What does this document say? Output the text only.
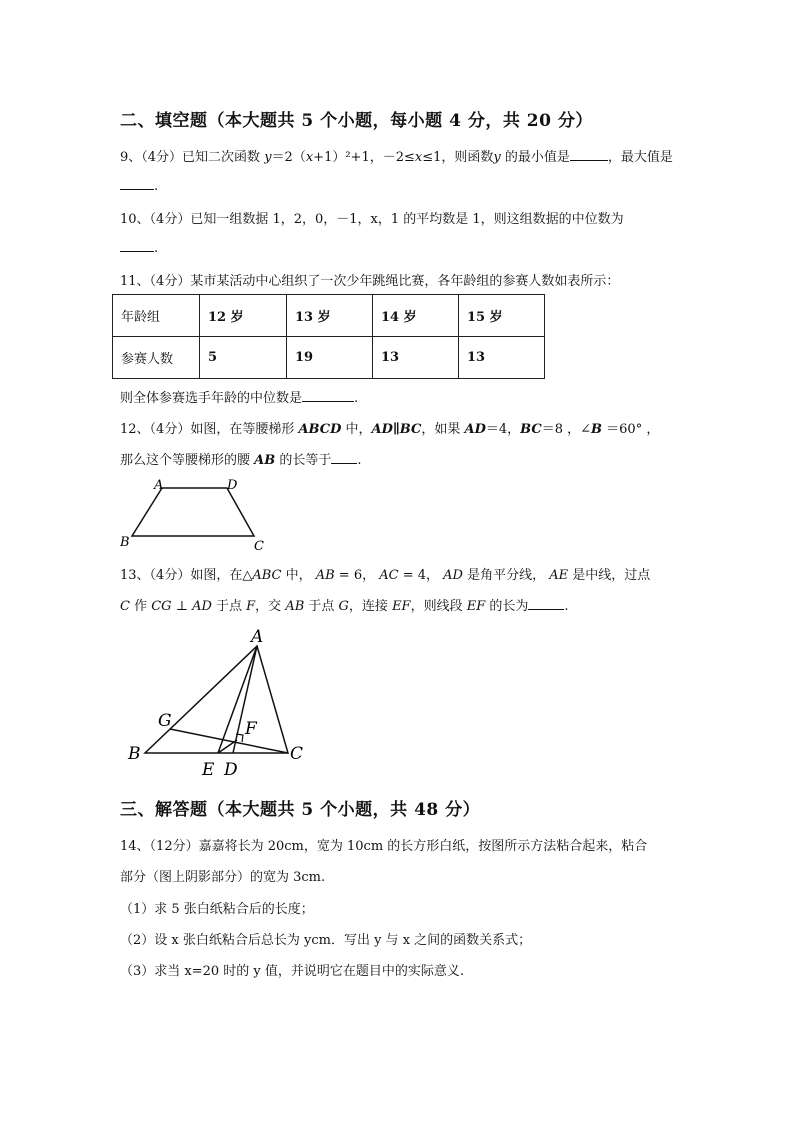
二、填空题（本大题共 5 个小题，每小题 4 分，共 20 分）
9、（4分）已知二次函数 y＝2（x+1）²+1，－2≤x≤1，则函数y 的最小值是	，最大值是
.
10、（4分）已知一组数据 1，2，0，－1，x，1 的平均数是 1，则这组数据的中位数为
.
11、（4分）某市某活动中心组织了一次少年跳绳比赛，各年龄组的参赛人数如表所示：
年龄组	12 岁	13 岁	14 岁	15 岁
参赛人数	5	19	13	13
则全体参赛选手年龄的中位数是	.
12、（4分）如图，在等腰梯形 ABCD 中，AD∥BC，如果 AD＝4，BC＝8 ，∠B ＝60° ，
那么这个等腰梯形的腰 AB 的长等于 .
A	D
B	C
13、（4分）如图，在△ABC 中， AB = 6， AC = 4， AD 是角平分线， AE 是中线，过点
C 作 CG ⊥ AD 于点 F，交 AB 于点 G，连接 EF，则线段 EF 的长为	.
A
B	C
D
E
F
G
三、解答题（本大题共 5 个小题，共 48 分）
14、（12分）嘉嘉将长为 20cm，宽为 10cm 的长方形白纸，按图所示方法粘合起来，粘合
部分（图上阴影部分）的宽为 3cm.
（1）求 5 张白纸粘合后的长度；
（2）设 x 张白纸粘合后总长为 ycm．写出 y 与 x 之间的函数关系式；
（3）求当 x=20 时的 y 值，并说明它在题目中的实际意义.
